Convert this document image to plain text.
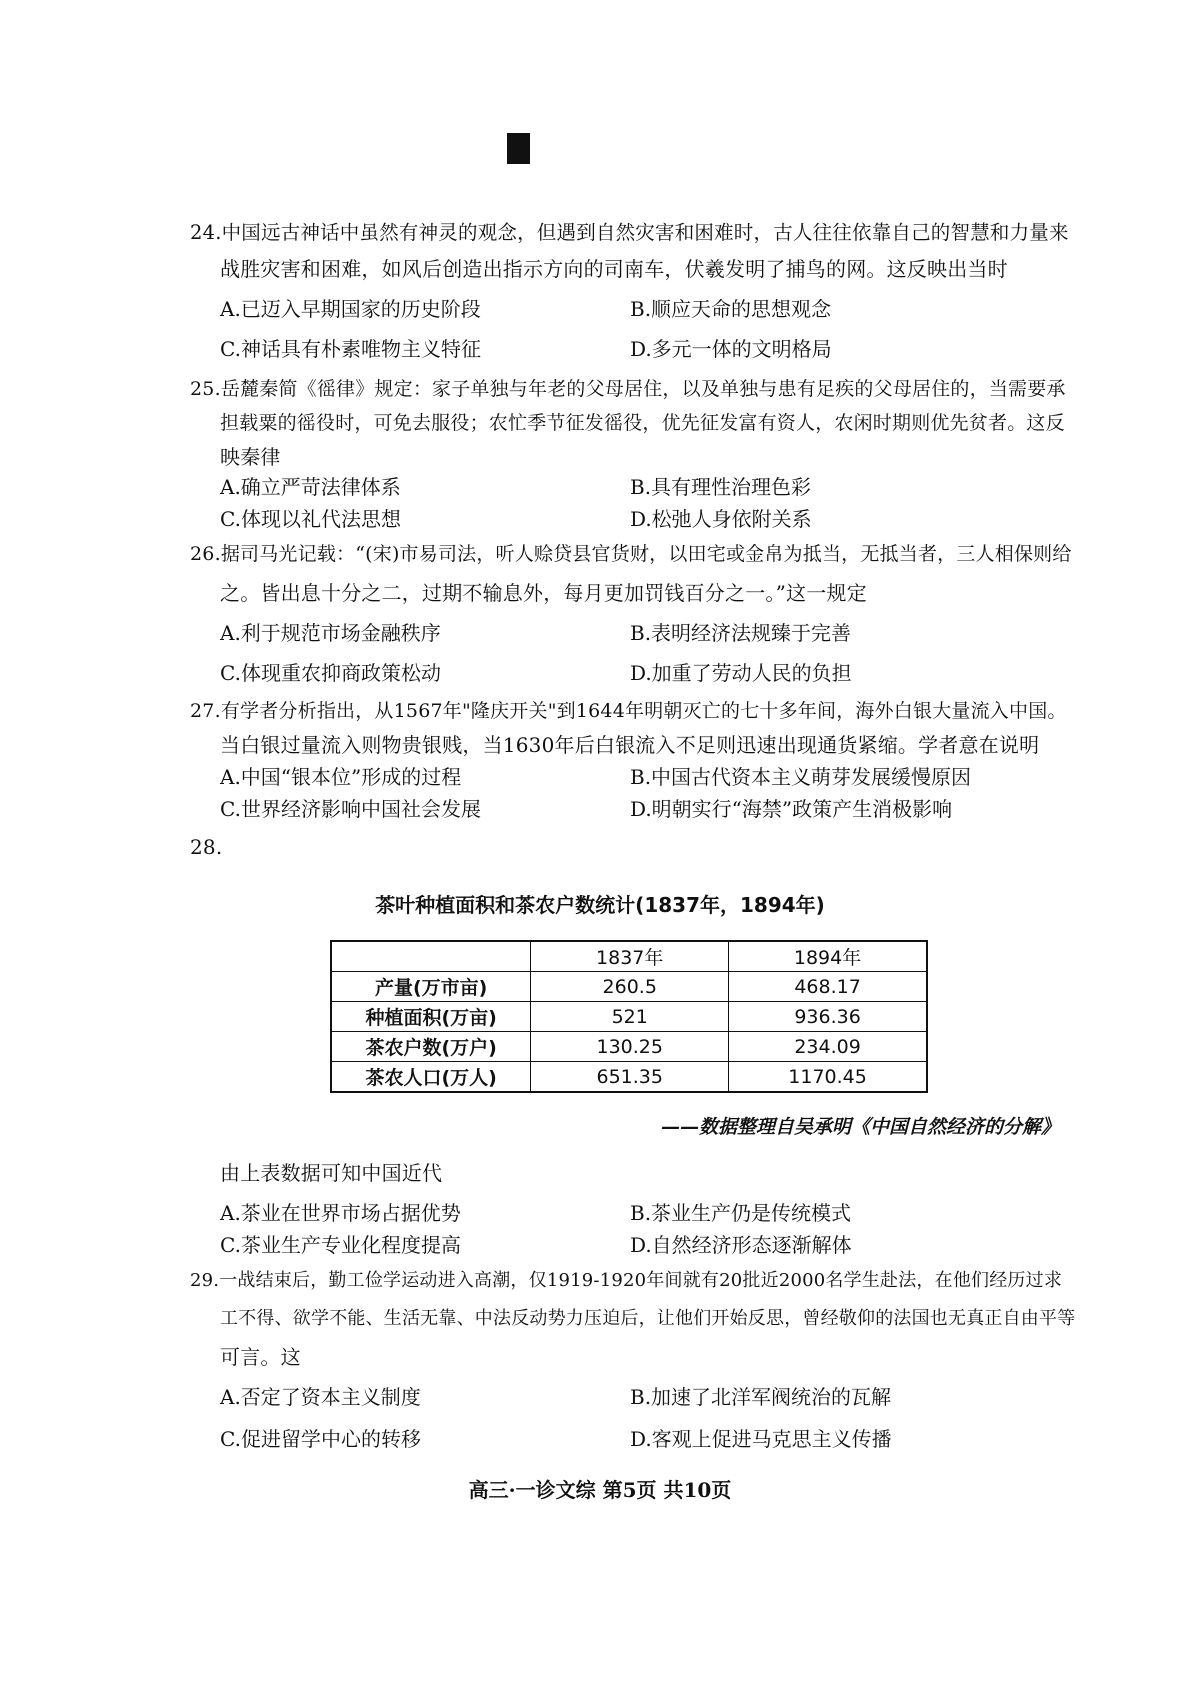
24.中国远古神话中虽然有神灵的观念，但遇到自然灾害和困难时，古人往往依靠自己的智慧和力量来
战胜灾害和困难，如风后创造出指示方向的司南车，伏羲发明了捕鸟的网。这反映出当时
A.已迈入早期国家的历史阶段	B.顺应天命的思想观念
C.神话具有朴素唯物主义特征	D.多元一体的文明格局
25.岳麓秦简《徭律》规定：家子单独与年老的父母居住，以及单独与患有足疾的父母居住的，当需要承
担载粟的徭役时，可免去服役；农忙季节征发徭役，优先征发富有资人，农闲时期则优先贫者。这反
映秦律
A.确立严苛法律体系	B.具有理性治理色彩
C.体现以礼代法思想	D.松弛人身依附关系
26.据司马光记载：“(宋)市易司法，听人赊贷县官货财，以田宅或金帛为抵当，无抵当者，三人相保则给
之。皆出息十分之二，过期不输息外，每月更加罚钱百分之一。”这一规定
A.利于规范市场金融秩序	B.表明经济法规臻于完善
C.体现重农抑商政策松动	D.加重了劳动人民的负担
27.有学者分析指出，从1567年"隆庆开关"到1644年明朝灭亡的七十多年间，海外白银大量流入中国。
当白银过量流入则物贵银贱，当1630年后白银流入不足则迅速出现通货紧缩。学者意在说明
A.中国“银本位”形成的过程	B.中国古代资本主义萌芽发展缓慢原因
C.世界经济影响中国社会发展	D.明朝实行“海禁”政策产生消极影响
28.
茶叶种植面积和茶农户数统计(1837年，1894年)
	1837年	1894年
产量(万市亩)	260.5	468.17
种植面积(万亩)	521	936.36
茶农户数(万户)	130.25	234.09
茶农人口(万人)	651.35	1170.45
——数据整理自吴承明《中国自然经济的分解》
由上表数据可知中国近代
A.茶业在世界市场占据优势	B.茶业生产仍是传统模式
C.茶业生产专业化程度提高	D.自然经济形态逐渐解体
29.一战结束后，勤工俭学运动进入高潮，仅1919-1920年间就有20批近2000名学生赴法，在他们经历过求
工不得、欲学不能、生活无靠、中法反动势力压迫后，让他们开始反思，曾经敬仰的法国也无真正自由平等
可言。这
A.否定了资本主义制度	B.加速了北洋军阀统治的瓦解
C.促进留学中心的转移	D.客观上促进马克思主义传播
高三·一诊文综 第5页 共10页
